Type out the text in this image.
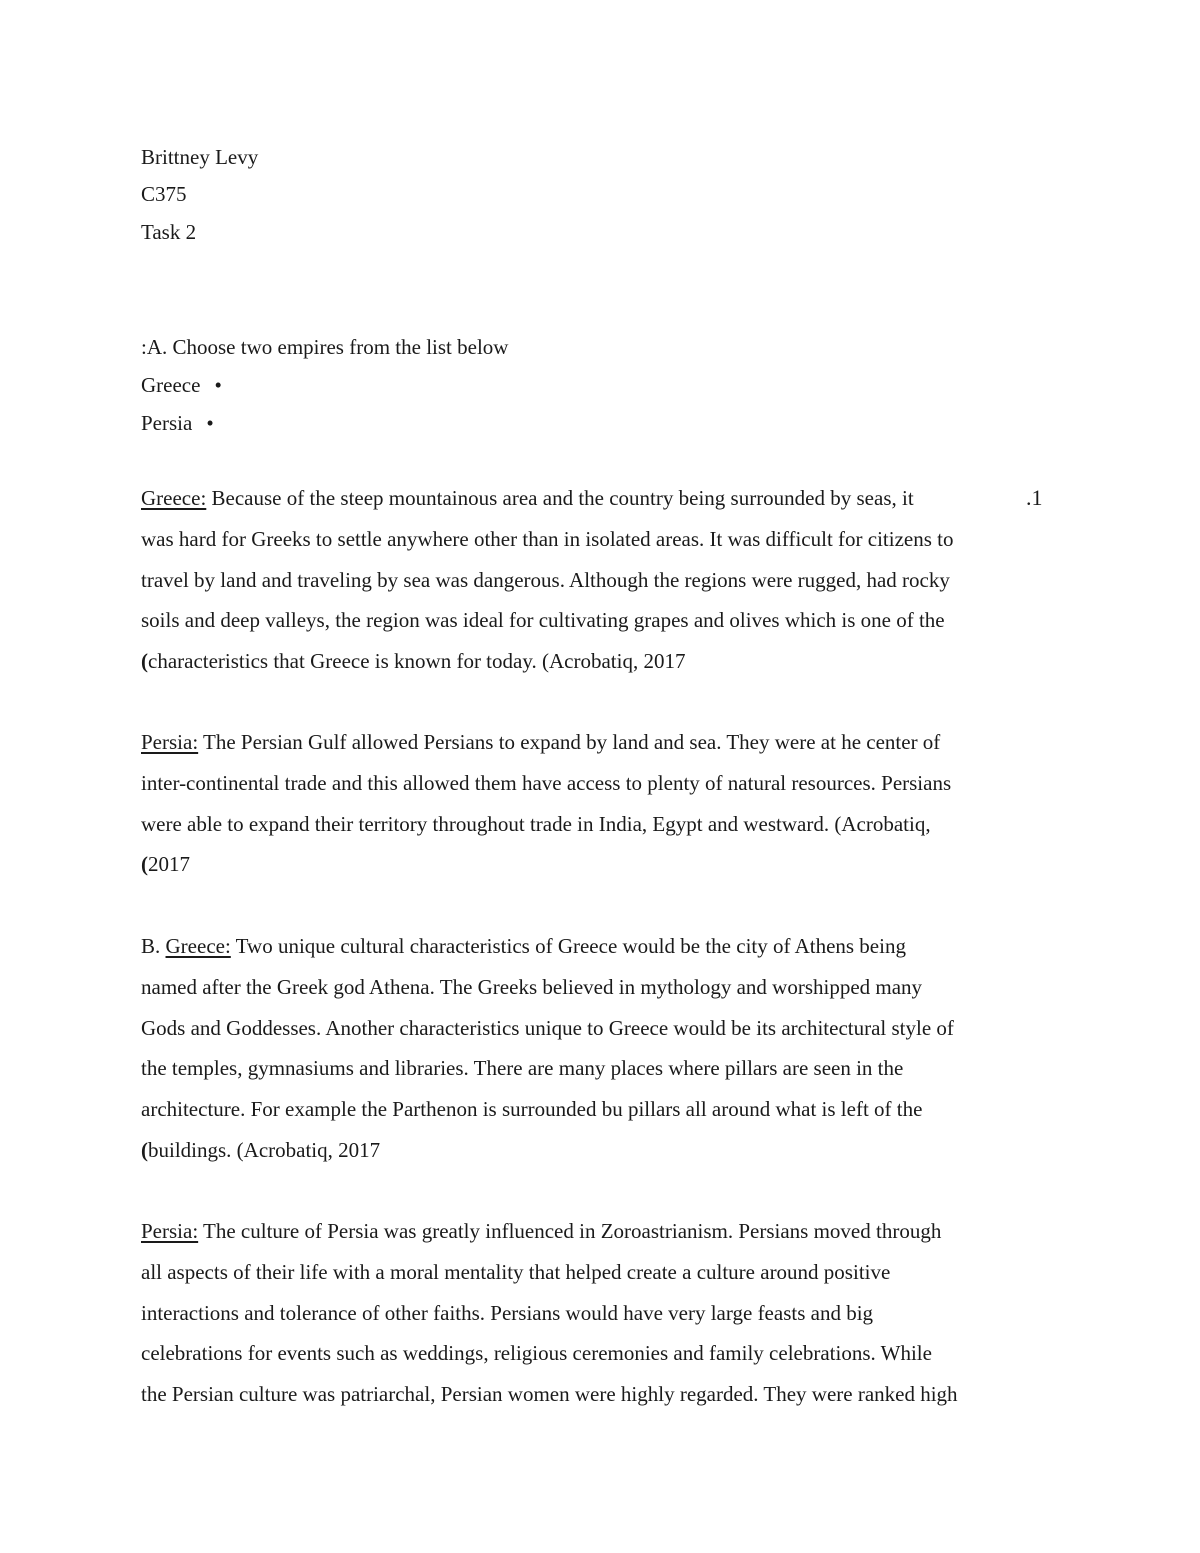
Brittney Levy
C375
Task 2
:A. Choose two empires from the list below
Greece •
Persia •
.1
Greece: Because of the steep mountainous area and the country being surrounded by seas, it
was hard for Greeks to settle anywhere other than in isolated areas. It was difficult for citizens to
travel by land and traveling by sea was dangerous. Although the regions were rugged, had rocky
soils and deep valleys, the region was ideal for cultivating grapes and olives which is one of the
(characteristics that Greece is known for today. (Acrobatiq, 2017
Persia: The Persian Gulf allowed Persians to expand by land and sea. They were at he center of
inter-continental trade and this allowed them have access to plenty of natural resources. Persians
were able to expand their territory throughout trade in India, Egypt and westward. (Acrobatiq,
(2017
B. Greece: Two unique cultural characteristics of Greece would be the city of Athens being
named after the Greek god Athena. The Greeks believed in mythology and worshipped many
Gods and Goddesses. Another characteristics unique to Greece would be its architectural style of
the temples, gymnasiums and libraries. There are many places where pillars are seen in the
architecture. For example the Parthenon is surrounded bu pillars all around what is left of the
(buildings. (Acrobatiq, 2017
Persia: The culture of Persia was greatly influenced in Zoroastrianism. Persians moved through
all aspects of their life with a moral mentality that helped create a culture around positive
interactions and tolerance of other faiths. Persians would have very large feasts and big
celebrations for events such as weddings, religious ceremonies and family celebrations. While
the Persian culture was patriarchal, Persian women were highly regarded. They were ranked high
